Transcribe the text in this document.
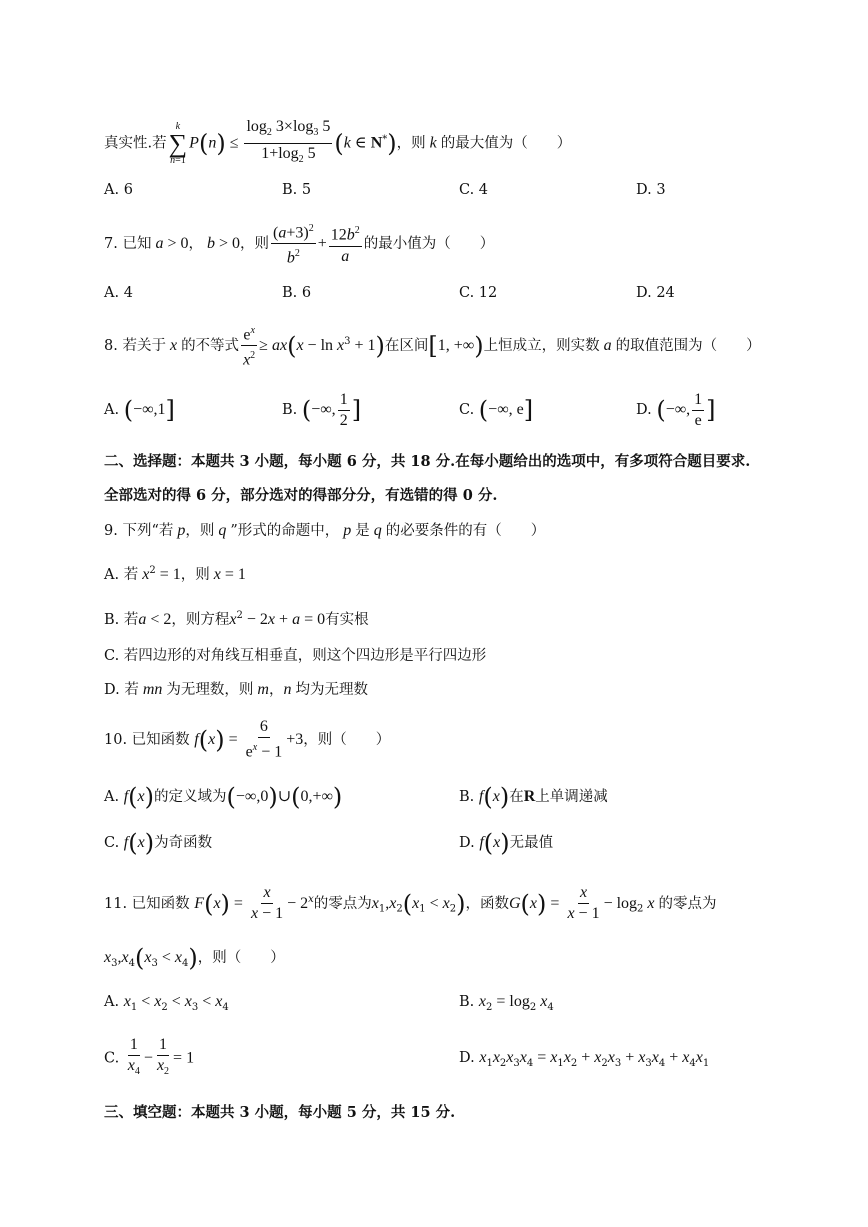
真实性.若
k
∑
n=1
$P(n) \le \frac{\log_2 3\times\log_3 5}{1+\log_2 5} (k$ ∈ N*)，则 k 的最大值为（　　）
A. 6	B. 5	C. 4	D. 3
7. 已知 a > 0， b > 0，则 $\frac{(a+3)^2}{b^2} + \frac{12b^2}{a}$ 的最小值为（　　）
A. 4	B. 6	C. 12	D. 24
8. 若关于 x 的不等式 $\frac{e^x}{x^2} \ge ax(x - \ln x^3 + 1)$在区间[1, +∞)上恒成立，则实数 a 的取值范围为（　　）
A. (−∞,1]	B. (−∞, $\frac{1}{2}$ ]	C. (−∞, e]	D. (−∞, $\frac{1}{e}$ ]
二、选择题：本题共 3 小题，每小题 6 分，共 18 分.在每小题给出的选项中，有多项符合题目要求.
全部选对的得 6 分，部分选对的得部分分，有选错的得 0 分.
9. 下列“若 p，则 q ”形式的命题中， p 是 q 的必要条件的有（　　）
A. 若 $x^2 = 1$，则 x = 1
B. 若a < 2，则方程$x^2 - 2x + a = 0$有实根
C. 若四边形的对角线互相垂直，则这个四边形是平行四边形
D. 若 mn 为无理数，则 m，n 均为无理数
10. 已知函数 $f(x) = \frac{6}{e^x - 1} +3$，则（　　）
A. f(x)的定义域为(−∞,0)∪(0,+∞)	B. f(x)在R上单调递减
C. f(x)为奇函数	D. f(x)无最值
11. 已知函数 $F(x) = \frac{x}{x - 1} - 2^x$的零点为$x_1,x_2(x_1 < x_2)$，函数$G(x) = \frac{x}{x - 1} - \log_2 x$ 的零点为
$x_3,x_4(x_3 < x_4)$，则（　　）
A. $x_1 < x_2 < x_3 < x_4$	B. $x_2 = \log_2 x_4$
C. $\frac{1}{x_4} - \frac{1}{x_2} = 1$	D. $x_1x_2x_3x_4 = x_1x_2 + x_2x_3 + x_3x_4 + x_4x_1$
三、填空题：本题共 3 小题，每小题 5 分，共 15 分.
